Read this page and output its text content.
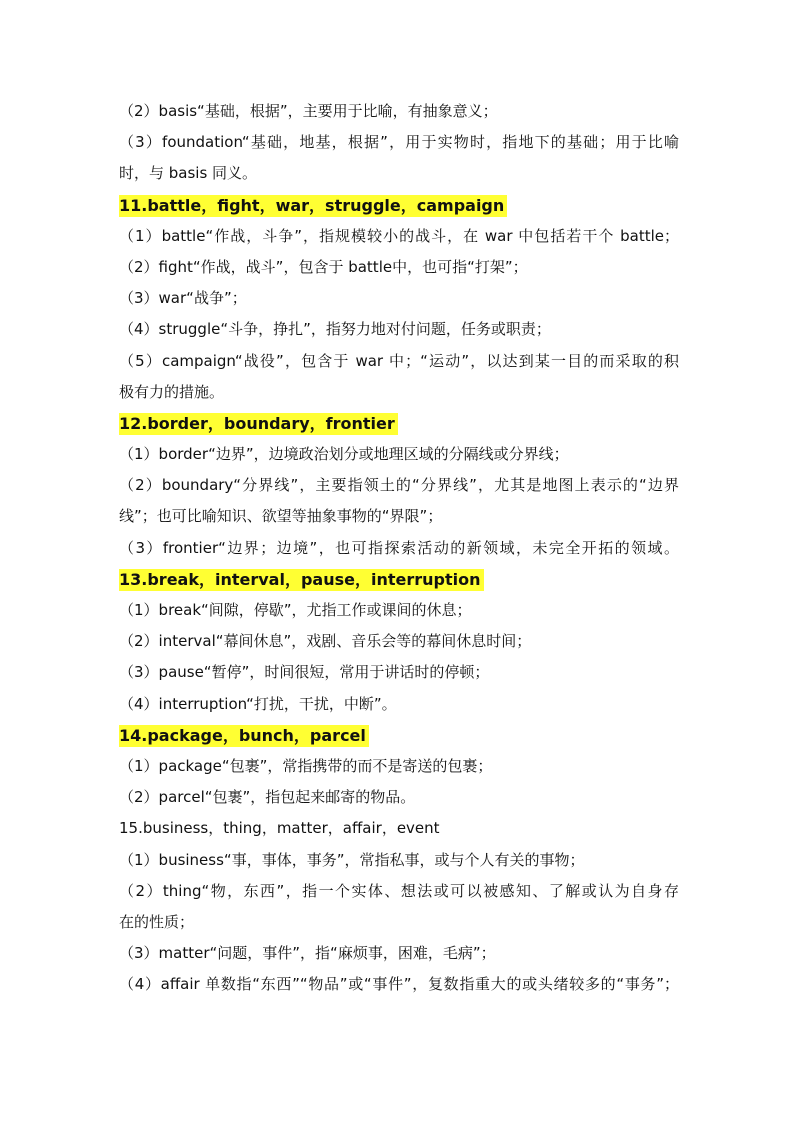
（2）basis“基础，根据”，主要用于比喻，有抽象意义；
（3）foundation“基础，地基，根据”，用于实物时，指地下的基础；用于比喻
时，与 basis 同义。
11.battle，fight，war，struggle，campaign
（1）battle“作战，斗争”，指规模较小的战斗，在 war 中包括若干个 battle；
（2）fight“作战，战斗”，包含于 battle中，也可指“打架”；
（3）war“战争”；
（4）struggle“斗争，挣扎”，指努力地对付问题，任务或职责；
（5）campaign“战役”，包含于 war 中；“运动”，以达到某一目的而采取的积
极有力的措施。
12.border，boundary，frontier
（1）border“边界”，边境政治划分或地理区域的分隔线或分界线；
（2）boundary“分界线”，主要指领土的“分界线”，尤其是地图上表示的“边界
线”；也可比喻知识、欲望等抽象事物的“界限”；
（3）frontier“边界；边境”，也可指探索活动的新领域，未完全开拓的领域。
13.break，interval，pause，interruption
（1）break“间隙，停歇”，尤指工作或课间的休息；
（2）interval“幕间休息”，戏剧、音乐会等的幕间休息时间；
（3）pause“暂停”，时间很短，常用于讲话时的停顿；
（4）interruption“打扰，干扰，中断”。
14.package，bunch，parcel
（1）package“包裹”，常指携带的而不是寄送的包裹；
（2）parcel“包裹”，指包起来邮寄的物品。
15.business，thing，matter，affair，event
（1）business“事，事体，事务”，常指私事，或与个人有关的事物；
（2）thing“物，东西”，指一个实体、想法或可以被感知、了解或认为自身存
在的性质；
（3）matter“问题，事件”，指“麻烦事，困难，毛病”；
（4）affair 单数指“东西”“物品”或“事件”，复数指重大的或头绪较多的“事务”；
